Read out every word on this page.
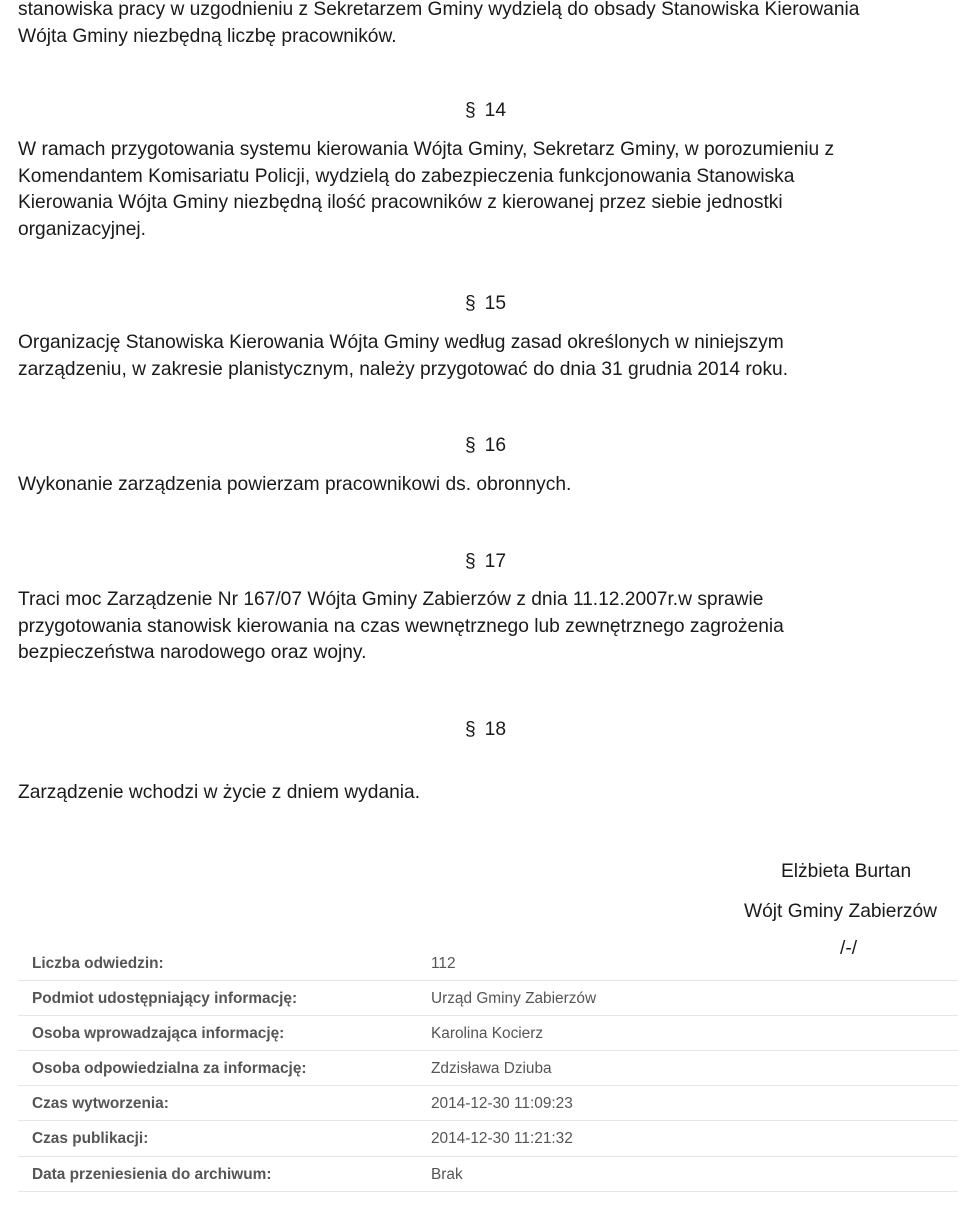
stanowiska pracy w uzgodnieniu z Sekretarzem Gminy wydzielą do obsady Stanowiska Kierowania
Wójta Gminy niezbędną liczbę pracowników.
§ 14
W ramach przygotowania systemu kierowania Wójta Gminy, Sekretarz Gminy, w porozumieniu z
Komendantem Komisariatu Policji, wydzielą do zabezpieczenia funkcjonowania Stanowiska
Kierowania Wójta Gminy niezbędną ilość pracowników z kierowanej przez siebie jednostki
organizacyjnej.
§ 15
Organizację Stanowiska Kierowania Wójta Gminy według zasad określonych w niniejszym
zarządzeniu, w zakresie planistycznym, należy przygotować do dnia 31 grudnia 2014 roku.
§ 16
Wykonanie zarządzenia powierzam pracownikowi ds. obronnych.
§ 17
Traci moc Zarządzenie Nr 167/07 Wójta Gminy Zabierzów z dnia 11.12.2007r.w sprawie
przygotowania stanowisk kierowania na czas wewnętrznego lub zewnętrznego zagrożenia
bezpieczeństwa narodowego oraz wojny.
§ 18
Zarządzenie wchodzi w życie z dniem wydania.
Elżbieta Burtan
Wójt Gminy Zabierzów
/-/
Liczba odwiedzin:	112
Podmiot udostępniający informację:	Urząd Gminy Zabierzów
Osoba wprowadzająca informację:	Karolina Kocierz
Osoba odpowiedzialna za informację:	Zdzisława Dziuba
Czas wytworzenia:	2014-12-30 11:09:23
Czas publikacji:	2014-12-30 11:21:32
Data przeniesienia do archiwum:	Brak
